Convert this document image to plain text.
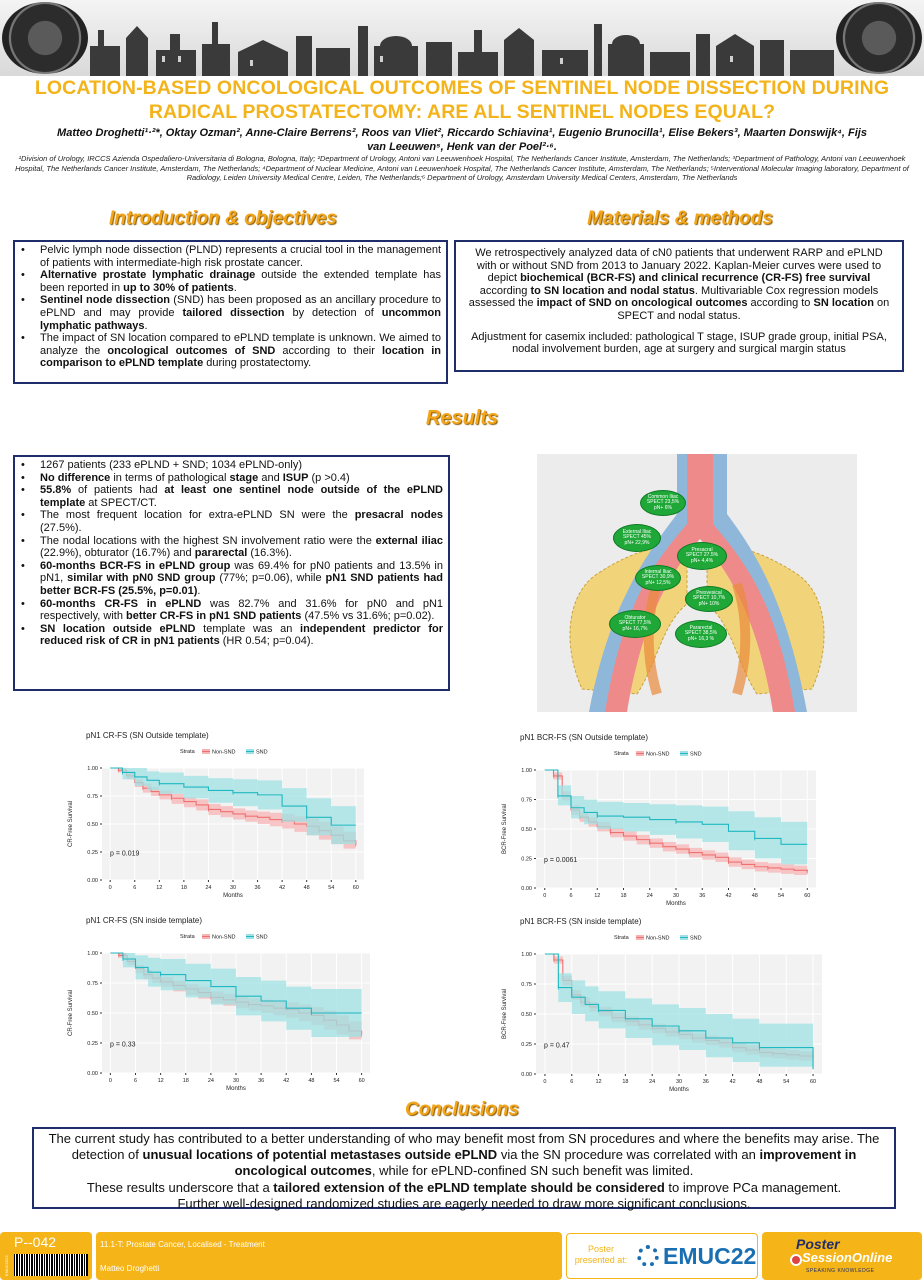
LOCATION-BASED ONCOLOGICAL OUTCOMES OF SENTINEL NODE DISSECTION DURING
RADICAL PROSTATECTOMY: ARE ALL SENTINEL NODES EQUAL?
Matteo Droghetti¹·²*, Oktay Ozman², Anne-Claire Berrens², Roos van Vliet², Riccardo Schiavina¹, Eugenio Brunocilla¹, Elise Bekers³, Maarten Donswijk⁴, Fijs
van Leeuwen⁵, Henk van der Poel²·⁶.
¹Division of Urology, IRCCS Azienda Ospedaliero-Universitaria di Bologna, Bologna, Italy; ²Department of Urology, Antoni van Leeuwenhoek Hospital, The Netherlands Cancer Institute, Amsterdam, The Netherlands; ³Department of Pathology, Antoni van Leeuwenhoek Hospital, The Netherlands Cancer Institute, Amsterdam, The Netherlands; ⁴Department of Nuclear Medicine, Antoni van Leeuwenhoek Hospital, The Netherlands Cancer Institute, Amsterdam, The Netherlands; ⁵Interventional Molecular Imaging laboratory, Department of Radiology, Leiden University Medical Centre, Leiden, The Netherlands;⁶ Department of Urology, Amsterdam University Medical Centers, Amsterdam, The Netherlands
Introduction & objectives
• Pelvic lymph node dissection (PLND) represents a crucial tool in the management of patients with intermediate-high risk prostate cancer.
• Alternative prostate lymphatic drainage outside the extended template has been reported in up to 30% of patients.
• Sentinel node dissection (SND) has been proposed as an ancillary procedure to ePLND and may provide tailored dissection by detection of uncommon lymphatic pathways.
• The impact of SN location compared to ePLND template is unknown. We aimed to analyze the oncological outcomes of SND according to their location in comparison to ePLND template during prostatectomy.
Materials & methods

We retrospectively analyzed data of cN0 patients that underwent RARP and ePLND with or without SND from 2013 to January 2022. Kaplan-Meier curves were used to depict biochemical (BCR-FS) and clinical recurrence (CR-FS) free survival according to SN location and nodal status. Multivariable Cox regression models assessed the impact of SND on oncological outcomes according to SN location on SPECT and nodal status.

Adjustment for casemix included: pathological T stage, ISUP grade group, initial PSA, nodal involvement burden, age at surgery and surgical margin status

Results
• 1267 patients (233 ePLND + SND; 1034 ePLND-only)
• No difference in terms of pathological stage and ISUP (p >0.4)
• 55.8% of patients had at least one sentinel node outside of the ePLND template at SPECT/CT.
• The most frequent location for extra-ePLND SN were the presacral nodes (27.5%).
• The nodal locations with the highest SN involvement ratio were the external iliac (22.9%), obturator (16.7%) and pararectal (16.3%).
• 60-months BCR-FS in ePLND group was 69.4% for pN0 patients and 13.5% in pN1, similar with pN0 SND group (77%; p=0.06), while pN1 SND patients had better BCR-FS (25.5%, p=0.01).
• 60-months CR-FS in ePLND was 82.7% and 31.6% for pN0 and pN1 respectively, with better CR-FS in pN1 SND patients (47.5% vs 31.6%; p=0.02).
• SN location outside ePLND template was an independent predictor for reduced risk of CR in pN1 patients (HR 0.54; p=0.04).
Common Iliac
SPECT 23,5%
pN+ 6%
External Iliac
SPECT 45%
pN+ 22,9%
Presacral
SPECT 27.5%
pN+ 4,4%
Internal Iliac
SPECT 30,9%
pN+ 12,5%
Presvesical
SPECT 10,7%
pN+ 10%
Obturator
SPECT 77,5%
pN+ 16,7%	Pararectal
SPECT 38,5%
pN+ 16,3 %
pN1 CR-FS (SN Outside template)
Strata	Non-SND	SND
0.00
0.25
0.50
0.75
1.00
0	6	12	18	24	30	36	42	48	54	60
Months
CR-Free Survival
p = 0.019
pN1 BCR-FS (SN Outside template)
Strata	Non-SND	SND
0.00
0.25
0.50
0.75
1.00
0	6	12	18	24	30	36	42	48	54	60
Months
BCR-Free Survival
p = 0.0061
pN1 CR-FS (SN inside template)
Strata	Non-SND	SND
0.00
0.25
0.50
0.75
1.00
0	6	12	18	24	30	36	42	48	54	60
Months
CR-Free Survival
p = 0.33
pN1 BCR-FS (SN inside template)
Strata	Non-SND	SND
0.00
0.25
0.50
0.75
1.00
0	6	12	18	24	30	36	42	48	54	60
Months
BCR-Free Survival
p = 0.47
Conclusions

The current study has contributed to a better understanding of who may benefit most from SN procedures and where the benefits may arise. The detection of unusual locations of potential metastases outside ePLND via the SN procedure was correlated with an improvement in oncological outcomes, while for ePLND-confined SN such benefit was limited.

These results underscore that a tailored extension of the ePLND template should be considered to improve PCa management.

Further well-designed randomized studies are eagerly needed to draw more significant conclusions.

EMUC2022
P--042	11.1-T: Prostate Cancer, Localised - Treatment
Matteo Droghetti
Poster
presented at: EMUC22	Poster
SessionOnline
SPEAKING KNOWLEDGE
